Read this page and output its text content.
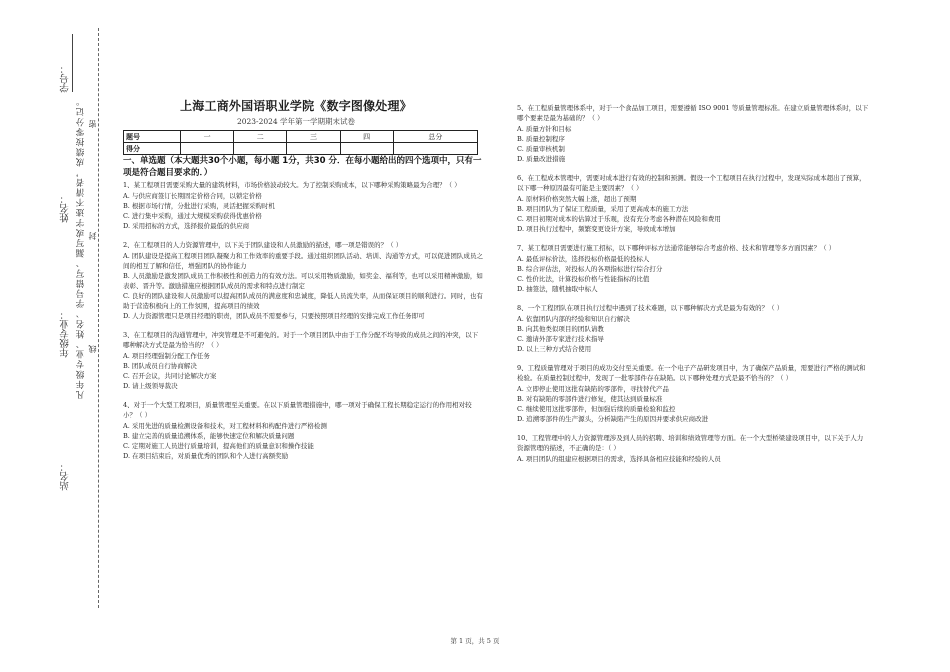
学号：
姓名：
年级专业：
站名：
凡年级专业、姓名、学号错写、漏写或字迹不清者，成绩按零分记。 密
封
线
上海工商外国语职业学院《数字图像处理》
2023-2024 学年第一学期期末试卷
题号	一	二	三	四	总分
得分					
一、单选题（本大题共30个小题，每小题 1分，共30 分．在每小题给出的四个选项中，只有一项是符合题目要求的．）
1、某工程项目需要采购大量的建筑材料，市场价格波动较大。为了控制采购成本，以下哪种采购策略最为合理？（ ）
A. 与供应商签订长期固定价格合同，以锁定价格
B. 根据市场行情，分批进行采购，灵活把握采购时机
C. 进行集中采购，通过大规模采购获得优惠价格
D. 采用招标的方式，选择报价最低的供应商
2、在工程项目的人力资源管理中，以下关于团队建设和人员激励的描述，哪一项是错误的？（ ）
A. 团队建设是提高工程项目团队凝聚力和工作效率的重要手段。通过组织团队活动、培训、沟通等方式，可以促进团队成员之间的相互了解和信任，增强团队的协作能力
B. 人员激励是激发团队成员工作积极性和创造力的有效方法。可以采用物质激励，如奖金、福利等，也可以采用精神激励，如表彰、晋升等。激励措施应根据团队成员的需求和特点进行制定
C. 良好的团队建设和人员激励可以提高团队成员的满意度和忠诚度，降低人员流失率，从而保证项目的顺利进行。同时，也有助于营造积极向上的工作氛围，提高项目的绩效
D. 人力资源管理只是项目经理的职责，团队成员不需要参与，只要按照项目经理的安排完成工作任务即可
3、在工程项目的沟通管理中，冲突管理是不可避免的。对于一个项目团队中由于工作分配不均导致的成员之间的冲突，以下哪种解决方式是最为恰当的？（ ）
A. 项目经理强制分配工作任务
B. 团队成员自行协商解决
C. 召开会议，共同讨论解决方案
D. 请上级领导裁决
4、对于一个大型工程项目，质量管理至关重要。在以下质量管理措施中，哪一项对于确保工程长期稳定运行的作用相对较小？（ ）
A. 采用先进的质量检测设备和技术，对工程材料和构配件进行严格检测
B. 建立完善的质量追溯体系，能够快速定位和解决质量问题
C. 定期对施工人员进行质量培训，提高他们的质量意识和操作技能
D. 在项目结束后，对质量优秀的团队和个人进行高额奖励
5、在工程质量管理体系中，对于一个食品加工项目，需要遵循 ISO 9001 等质量管理标准。在建立质量管理体系时，以下哪个要素是最为基础的？（ ）
A. 质量方针和目标
B. 质量控制程序
C. 质量审核机制
D. 质量改进措施
6、在工程成本管理中，需要对成本进行有效的控制和预测。假设一个工程项目在执行过程中，发现实际成本超出了预算，以下哪一种原因最有可能是主要因素？（ ）
A. 原材料价格突然大幅上涨，超出了预期
B. 项目团队为了保证工程质量，采用了更高成本的施工方法
C. 项目初期对成本的估算过于乐观，没有充分考虑各种潜在风险和费用
D. 项目执行过程中，频繁变更设计方案，导致成本增加
7、某工程项目需要进行施工招标，以下哪种评标方法通常能够综合考虑价格、技术和管理等多方面因素？（ ）
A. 最低评标价法，选择投标价格最低的投标人
B. 综合评估法，对投标人的各项指标进行综合打分
C. 性价比法，计算投标价格与性能指标的比值
D. 抽签法，随机抽取中标人
8、一个工程团队在项目执行过程中遇到了技术难题，以下哪种解决方式是最为有效的？（ ）
A. 依靠团队内部的经验和知识自行解决
B. 向其他类似项目的团队请教
C. 邀请外部专家进行技术指导
D. 以上三种方式结合使用
9、工程质量管理对于项目的成功交付至关重要。在一个电子产品研发项目中，为了确保产品质量，需要进行严格的测试和检验。在质量控制过程中，发现了一批零部件存在缺陷。以下哪种处理方式是最不恰当的？（ ）
A. 立即停止使用这批有缺陷的零部件，寻找替代产品
B. 对有缺陷的零部件进行修复，使其达到质量标准
C. 继续使用这批零部件，但加强后续的质量检验和监控
D. 追溯零部件的生产源头，分析缺陷产生的原因并要求供应商改进
10、工程管理中的人力资源管理涉及到人员的招聘、培训和绩效管理等方面。在一个大型桥梁建设项目中，以下关于人力资源管理的描述，不正确的是：（ ）
A. 项目团队的组建应根据项目的需求，选择具备相应技能和经验的人员
第 1 页，共 5 页
